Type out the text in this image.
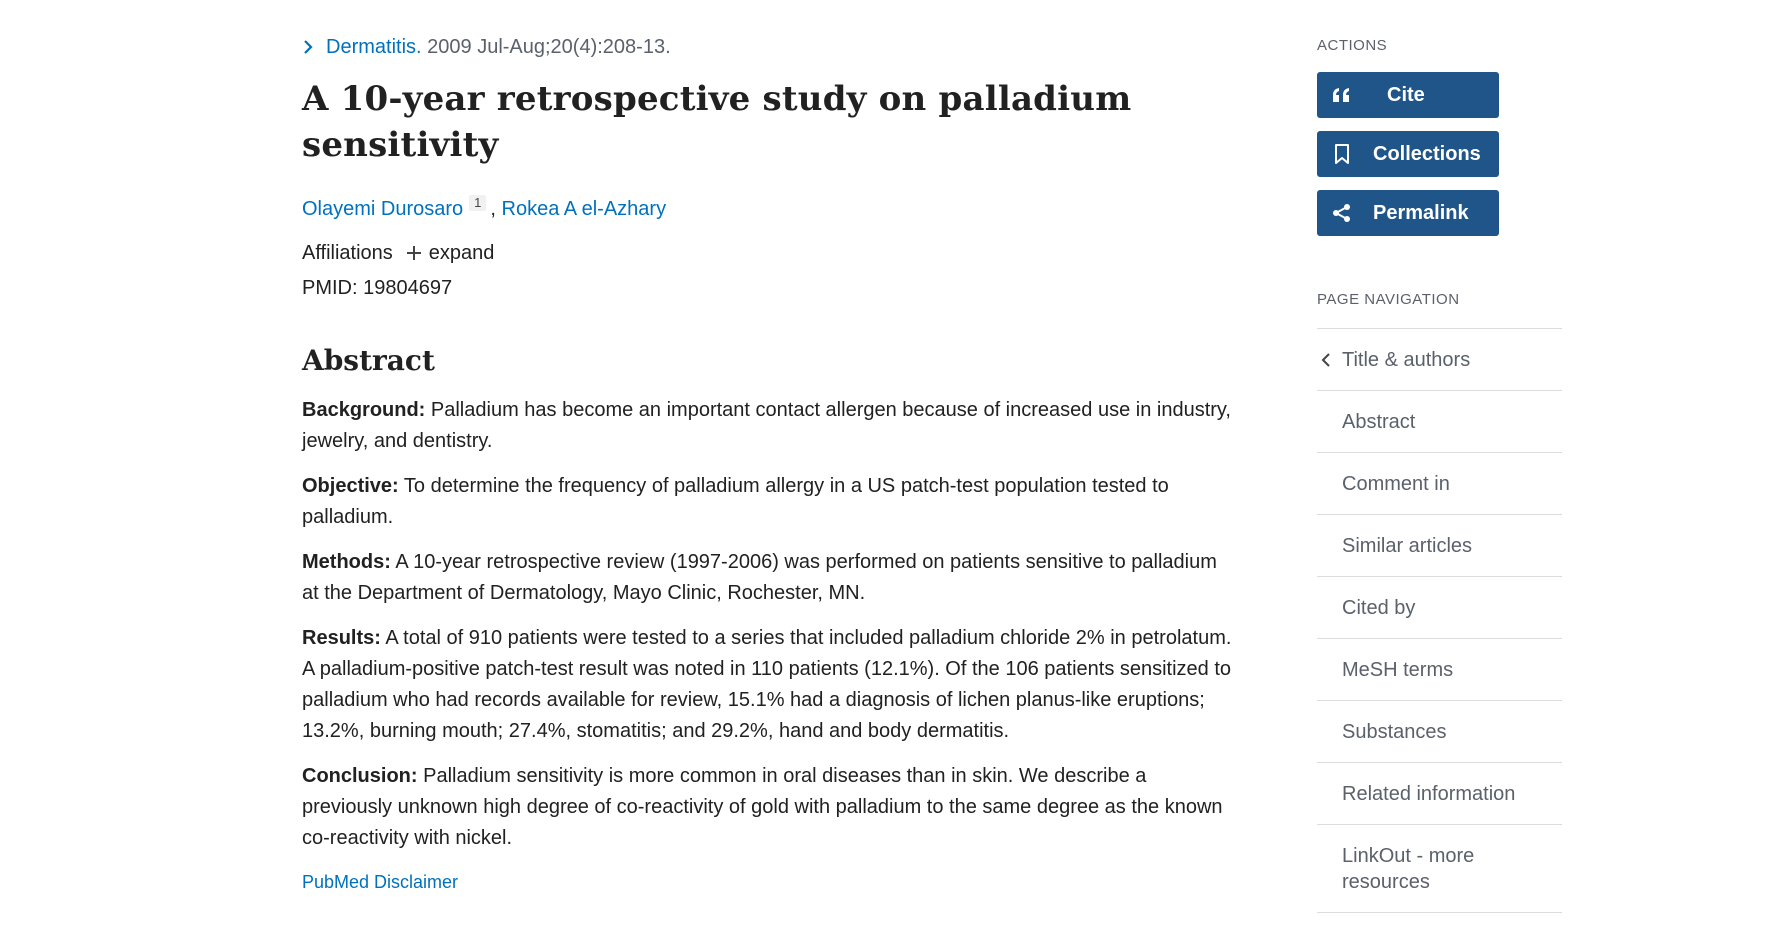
Dermatitis.
2009 Jul-Aug;20(4):208-13.
A 10-year retrospective study on palladium
sensitivity
Olayemi Durosaro $^1$ , Rokea A el-Azhary
Affiliations expand
PMID: 19804697
Abstract

Background: Palladium has become an important contact allergen because of increased use in industry, jewelry, and dentistry.

Objective: To determine the frequency of palladium allergy in a US patch-test population tested to palladium.

Methods: A 10-year retrospective review (1997-2006) was performed on patients sensitive to palladium at the Department of Dermatology, Mayo Clinic, Rochester, MN.

Results: A total of 910 patients were tested to a series that included palladium chloride 2% in petrolatum. A palladium-positive patch-test result was noted in 110 patients (12.1%). Of the 106 patients sensitized to palladium who had records available for review, 15.1% had a diagnosis of lichen planus-like eruptions; 13.2%, burning mouth; 27.4%, stomatitis; and 29.2%, hand and body dermatitis.

Conclusion: Palladium sensitivity is more common in oral diseases than in skin. We describe a previously unknown high degree of co-reactivity of gold with palladium to the same degree as the known co-reactivity with nickel.

PubMed Disclaimer
ACTIONS
Cite
Collections
Permalink
PAGE NAVIGATION
Title & authors
Abstract
Comment in
Similar articles
Cited by
MeSH terms
Substances
Related information
LinkOut - more resources
